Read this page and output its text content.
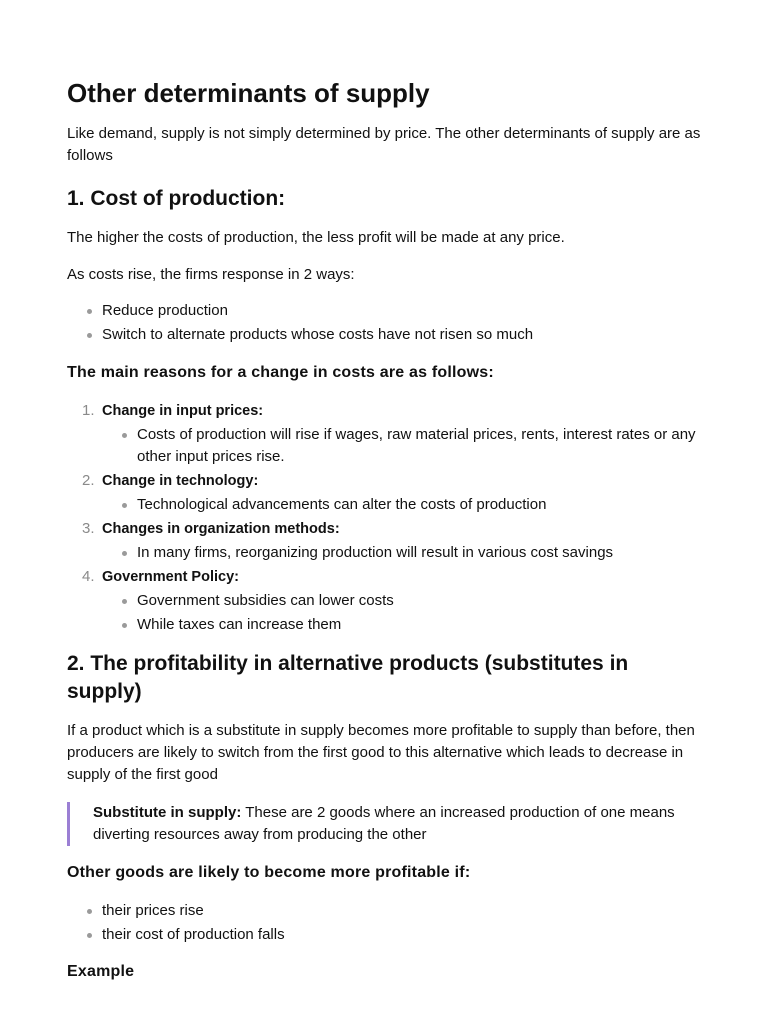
Other determinants of supply

Like demand, supply is not simply determined by price. The other determinants of supply are as follows

1. Cost of production:

The higher the costs of production, the less profit will be made at any price.

As costs rise, the firms response in 2 ways:

Reduce production
Switch to alternate products whose costs have not risen so much
The main reasons for a change in costs are as follows:
1. Change in input prices:
Costs of production will rise if wages, raw material prices, rents, interest rates or any other input prices rise.
2. Change in technology:
Technological advancements can alter the costs of production
3. Changes in organization methods:
In many firms, reorganizing production will result in various cost savings
4. Government Policy:
Government subsidies can lower costs
While taxes can increase them
2. The profitability in alternative products (substitutes in supply)

If a product which is a substitute in supply becomes more profitable to supply than before, then producers are likely to switch from the first good to this alternative which leads to decrease in supply of the first good

Substitute in supply: These are 2 goods where an increased production of one means diverting resources away from producing the other
Other goods are likely to become more profitable if:
their prices rise
their cost of production falls
Example
